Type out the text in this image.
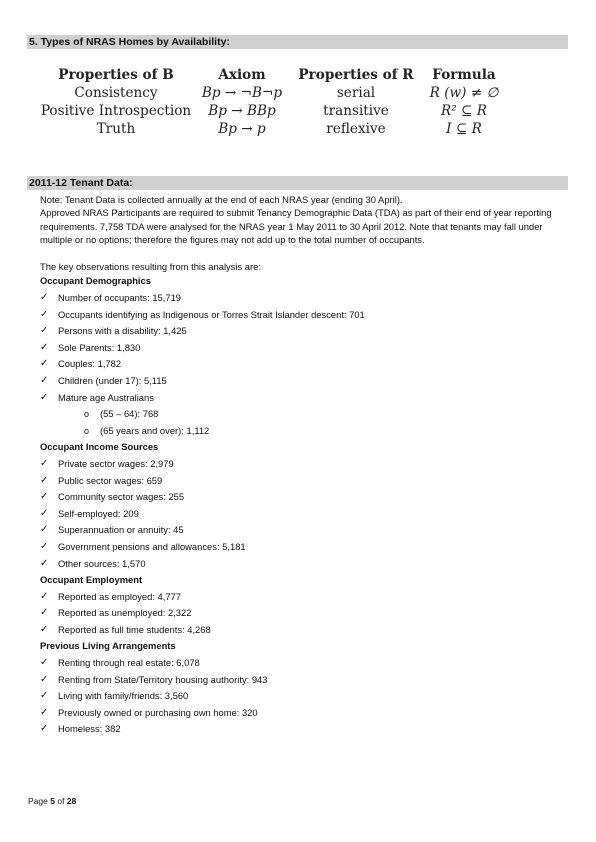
5. Types of NRAS Homes by Availability:
Properties of B	Axiom	Properties of R	Formula
Consistency	Bp → ¬B¬p	serial	R (w) ≠ ∅
Positive Introspection	Bp → BBp	transitive	R² ⊆ R
Truth	Bp → p	reflexive	I ⊆ R
2011-12 Tenant Data:

Note: Tenant Data is collected annually at the end of each NRAS year (ending 30 April).

Approved NRAS Participants are required to submit Tenancy Demographic Data (TDA) as part of their end of year reporting requirements. 7,758 TDA were analysed for the NRAS year 1 May 2011 to 30 April 2012. Note that tenants may fall under multiple or no options; therefore the figures may not add up to the total number of occupants.

The key observations resulting from this analysis are:

Occupant Demographics
✓ Number of occupants: 15,719
✓ Occupants identifying as Indigenous or Torres Strait Islander descent: 701
✓ Persons with a disability: 1,425
✓ Sole Parents: 1,830
✓ Couples: 1,782
✓ Children (under 17): 5,115
✓ Mature age Australians
o (55 – 64): 768
o (65 years and over): 1,112
Occupant Income Sources
✓ Private sector wages: 2,979
✓ Public sector wages: 659
✓ Community sector wages: 255
✓ Self-employed: 209
✓ Superannuation or annuity: 45
✓ Government pensions and allowances: 5,181
✓ Other sources: 1,570
Occupant Employment
✓ Reported as employed: 4,777
✓ Reported as unemployed: 2,322
✓ Reported as full time students: 4,268
Previous Living Arrangements
✓ Renting through real estate: 6,078
✓ Renting from State/Territory housing authority: 943
✓ Living with family/friends: 3,560
✓ Previously owned or purchasing own home: 320
✓ Homeless: 382
Page 5 of 28
